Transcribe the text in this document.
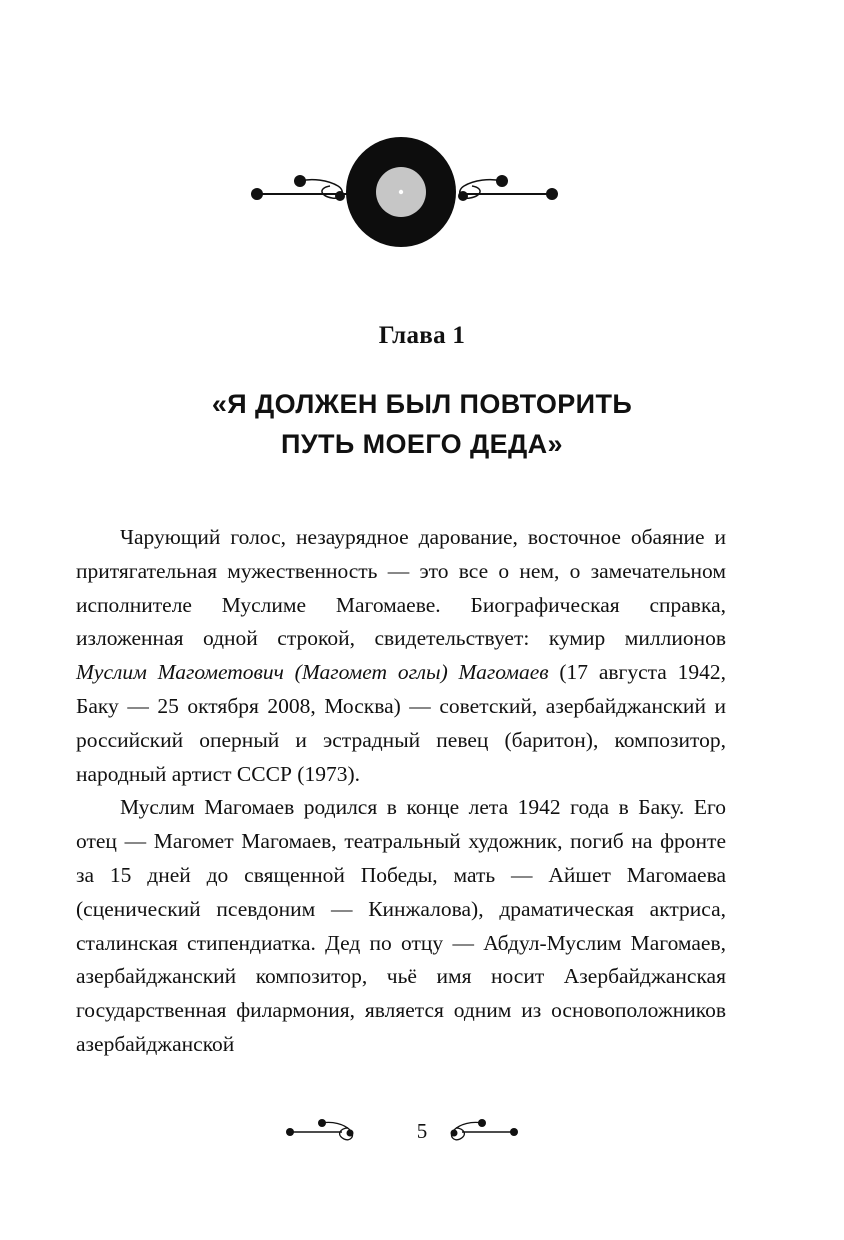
Глава 1
«Я ДОЛЖЕН БЫЛ ПОВТОРИТЬ
ПУТЬ МОЕГО ДЕДА»

Чарующий голос, незаурядное дарование, восточное обаяние и притягательная мужественность — это все о нем, о замечательном исполнителе Муслиме Магомаеве. Биографическая справка, изложенная одной строкой, свидетельствует: кумир миллионов Муслим Магометович (Магомет оглы) Магомаев (17 августа 1942, Баку — 25 октября 2008, Москва) — советский, азербайджанский и российский оперный и эстрадный певец (баритон), композитор, народный артист СССР (1973).

Муслим Магомаев родился в конце лета 1942 года в Баку. Его отец — Магомет Магомаев, театральный художник, погиб на фронте за 15 дней до священной Победы, мать — Айшет Магомаева (сценический псевдоним — Кинжалова), драматическая актриса, сталинская стипендиатка. Дед по отцу — Абдул-Муслим Магомаев, азербайджанский композитор, чьё имя носит Азербайджанская государственная филармония, является одним из основоположников азербайджанской

5
